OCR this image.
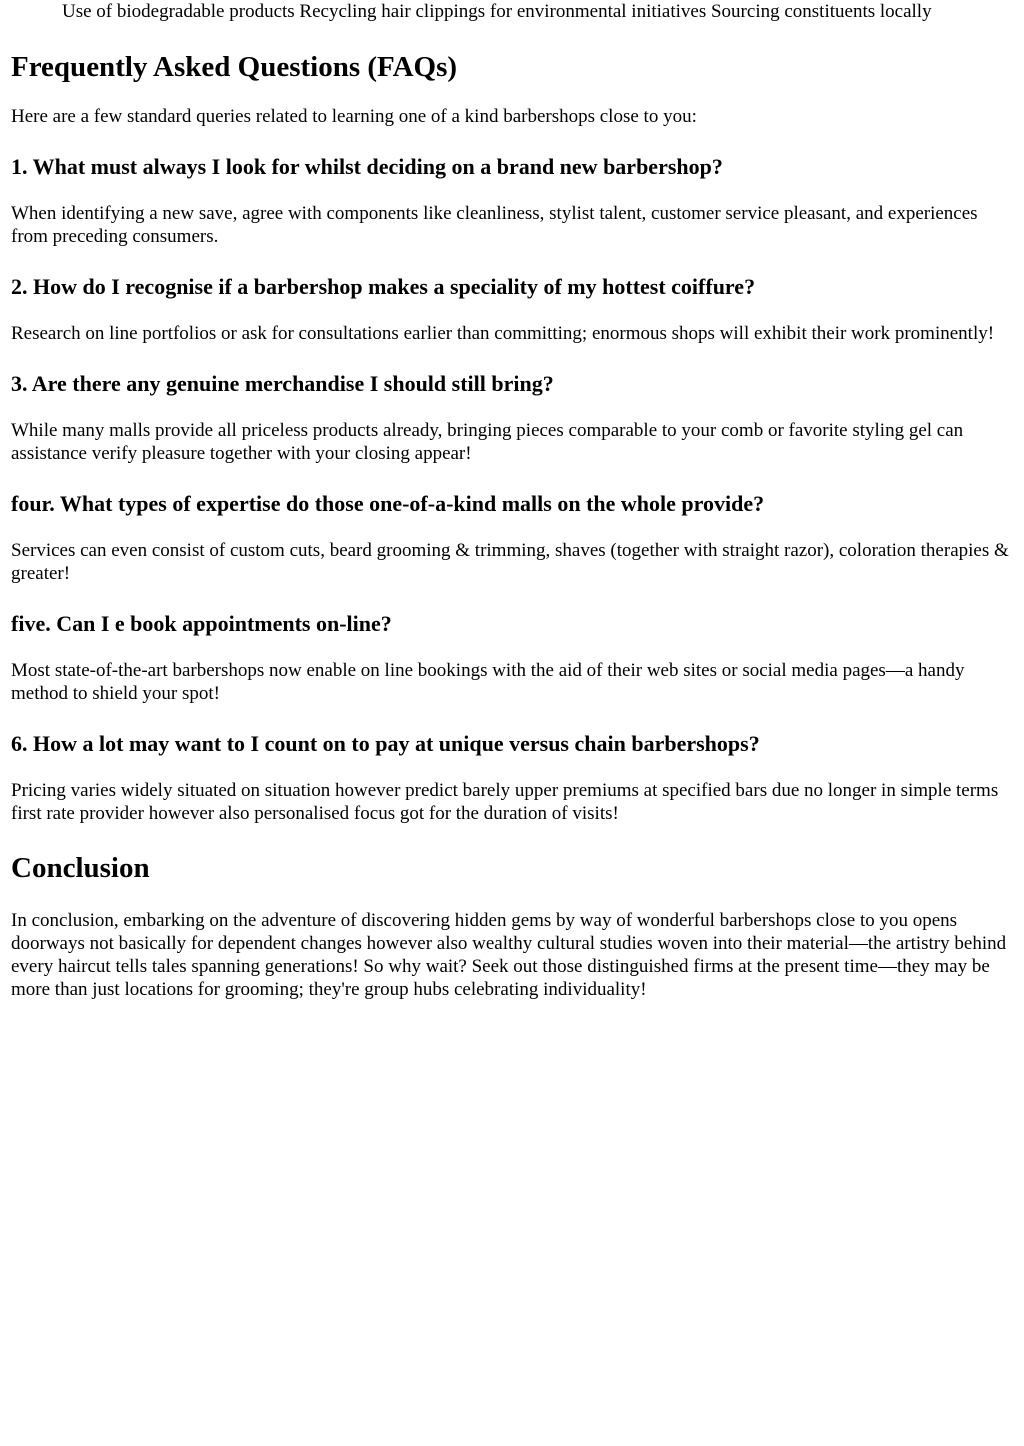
Use of biodegradable products Recycling hair clippings for environmental initiatives Sourcing constituents locally
Frequently Asked Questions (FAQs)

Here are a few standard queries related to learning one of a kind barbershops close to you:

1. What must always I look for whilst deciding on a brand new barbershop?

When identifying a new save, agree with components like cleanliness, stylist talent, customer service pleasant, and experiences from preceding consumers.

2. How do I recognise if a barbershop makes a speciality of my hottest coiffure?

Research on line portfolios or ask for consultations earlier than committing; enormous shops will exhibit their work prominently!

3. Are there any genuine merchandise I should still bring?

While many malls provide all priceless products already, bringing pieces comparable to your comb or favorite styling gel can assistance verify pleasure together with your closing appear!

four. What types of expertise do those one-of-a-kind malls on the whole provide?

Services can even consist of custom cuts, beard grooming & trimming, shaves (together with straight razor), coloration therapies & greater!

five. Can I e book appointments on-line?

Most state-of-the-art barbershops now enable on line bookings with the aid of their web sites or social media pages—a handy method to shield your spot!

6. How a lot may want to I count on to pay at unique versus chain barbershops?

Pricing varies widely situated on situation however predict barely upper premiums at specified bars due no longer in simple terms first rate provider however also personalised focus got for the duration of visits!

Conclusion

In conclusion, embarking on the adventure of discovering hidden gems by way of wonderful barbershops close to you opens doorways not basically for dependent changes however also wealthy cultural studies woven into their material—the artistry behind every haircut tells tales spanning generations! So why wait? Seek out those distinguished firms at the present time—they may be more than just locations for grooming; they're group hubs celebrating individuality!
